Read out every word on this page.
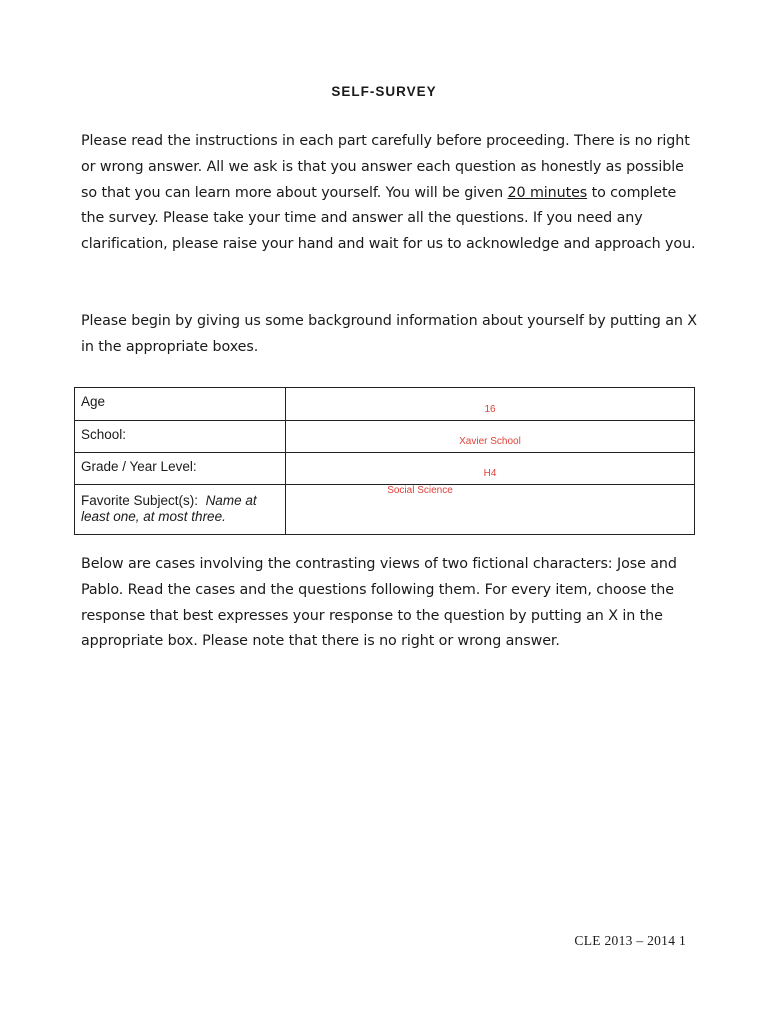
SELF-SURVEY
Please read the instructions in each part carefully before proceeding. There is no right or wrong answer. All we ask is that you answer each question as honestly as possible so that you can learn more about yourself. You will be given 20 minutes to complete the survey. Please take your time and answer all the questions. If you need any clarification, please raise your hand and wait for us to acknowledge and approach you.
Please begin by giving us some background information about yourself by putting an X in the appropriate boxes.
Age	16

School:	Xavier School

Grade / Year Level:	H4

Favorite Subject(s): Name at least one, at most three.	Social Science
Below are cases involving the contrasting views of two fictional characters: Jose and Pablo. Read the cases and the questions following them. For every item, choose the response that best expresses your response to the question by putting an X in the appropriate box. Please note that there is no right or wrong answer.
CLE 2013 – 2014 1
